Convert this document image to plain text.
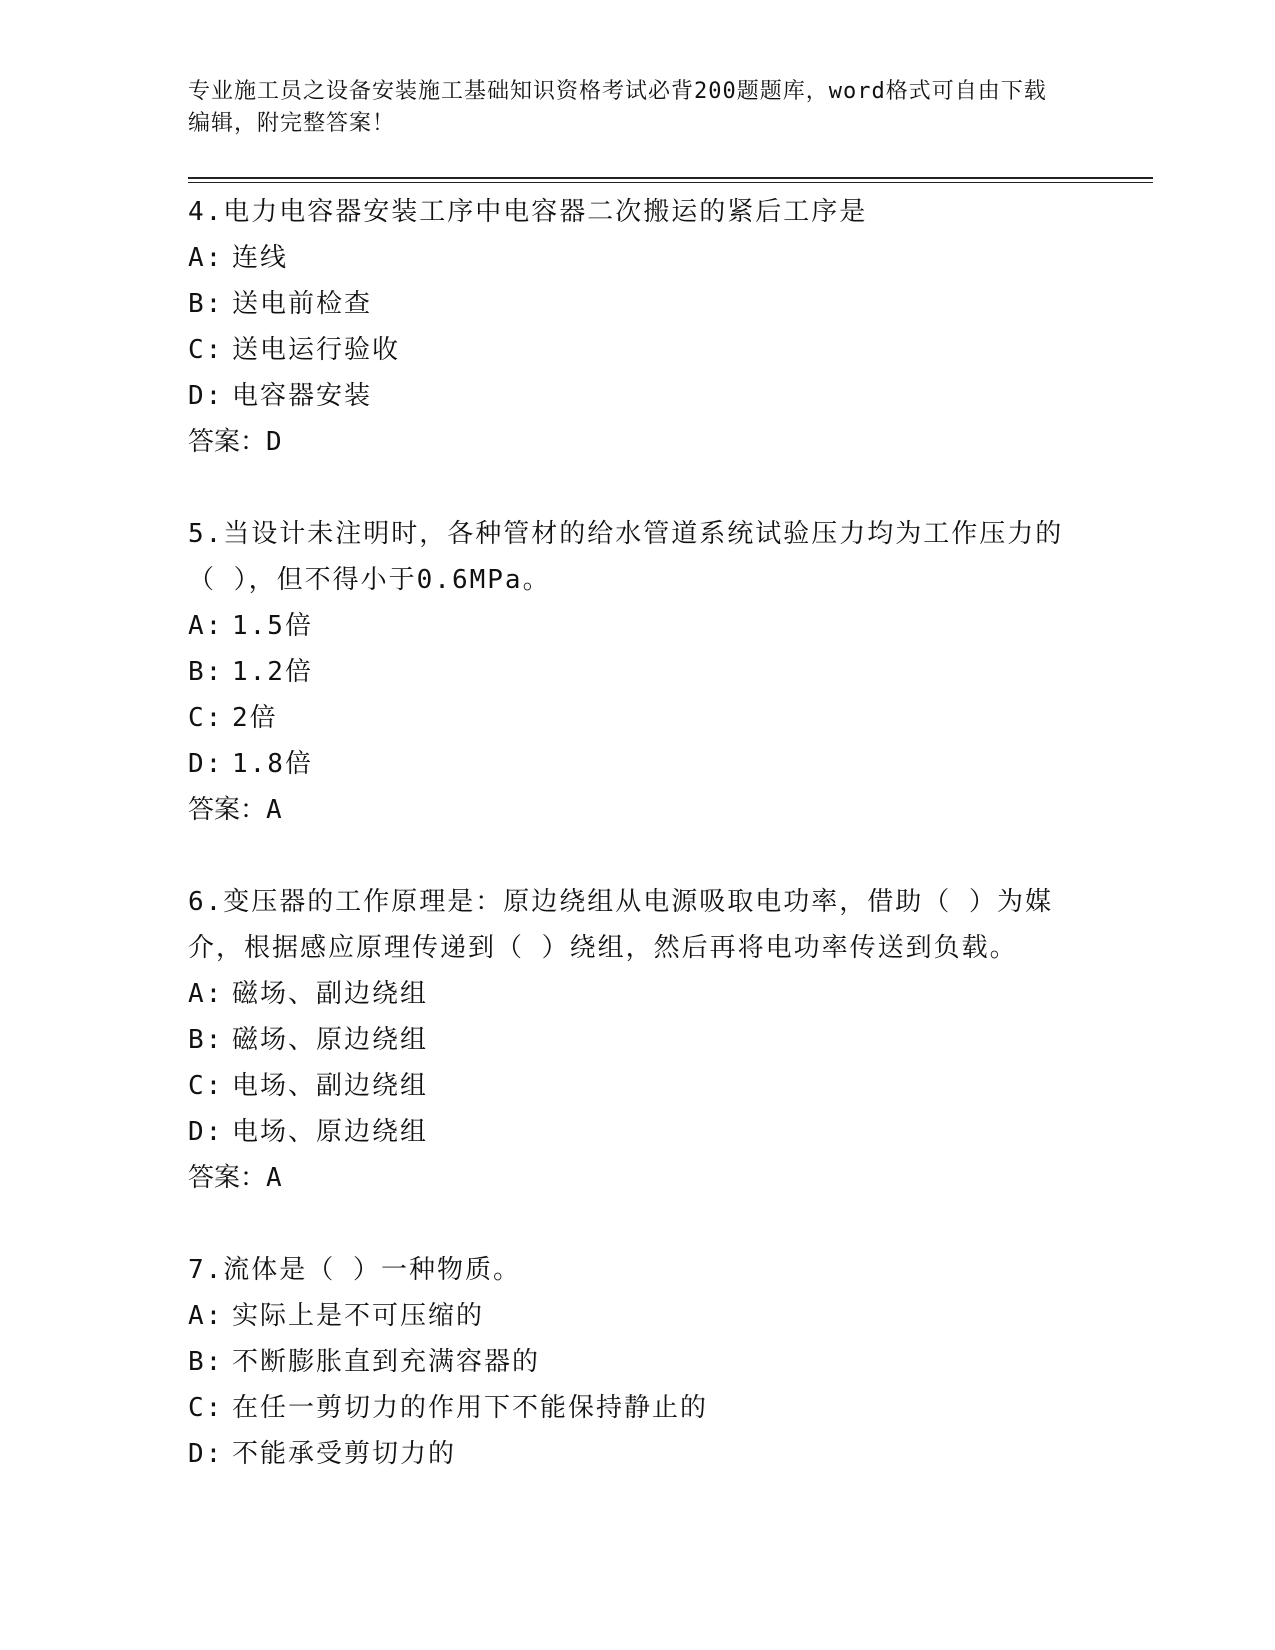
专业施工员之设备安装施工基础知识资格考试必背200题题库，word格式可自由下载编辑，附完整答案！
4.电力电容器安装工序中电容器二次搬运的紧后工序是
A: 连线
B: 送电前检查
C: 送电运行验收
D: 电容器安装
答案：D
5.当设计未注明时，各种管材的给水管道系统试验压力均为工作压力的（ ），但不得小于0.6MPa。
A: 1.5倍
B: 1.2倍
C: 2倍
D: 1.8倍
答案：A
6.变压器的工作原理是：原边绕组从电源吸取电功率，借助（ ）为媒介，根据感应原理传递到（ ）绕组，然后再将电功率传送到负载。
A: 磁场、副边绕组
B: 磁场、原边绕组
C: 电场、副边绕组
D: 电场、原边绕组
答案：A
7.流体是（ ）一种物质。
A: 实际上是不可压缩的
B: 不断膨胀直到充满容器的
C: 在任一剪切力的作用下不能保持静止的
D: 不能承受剪切力的
